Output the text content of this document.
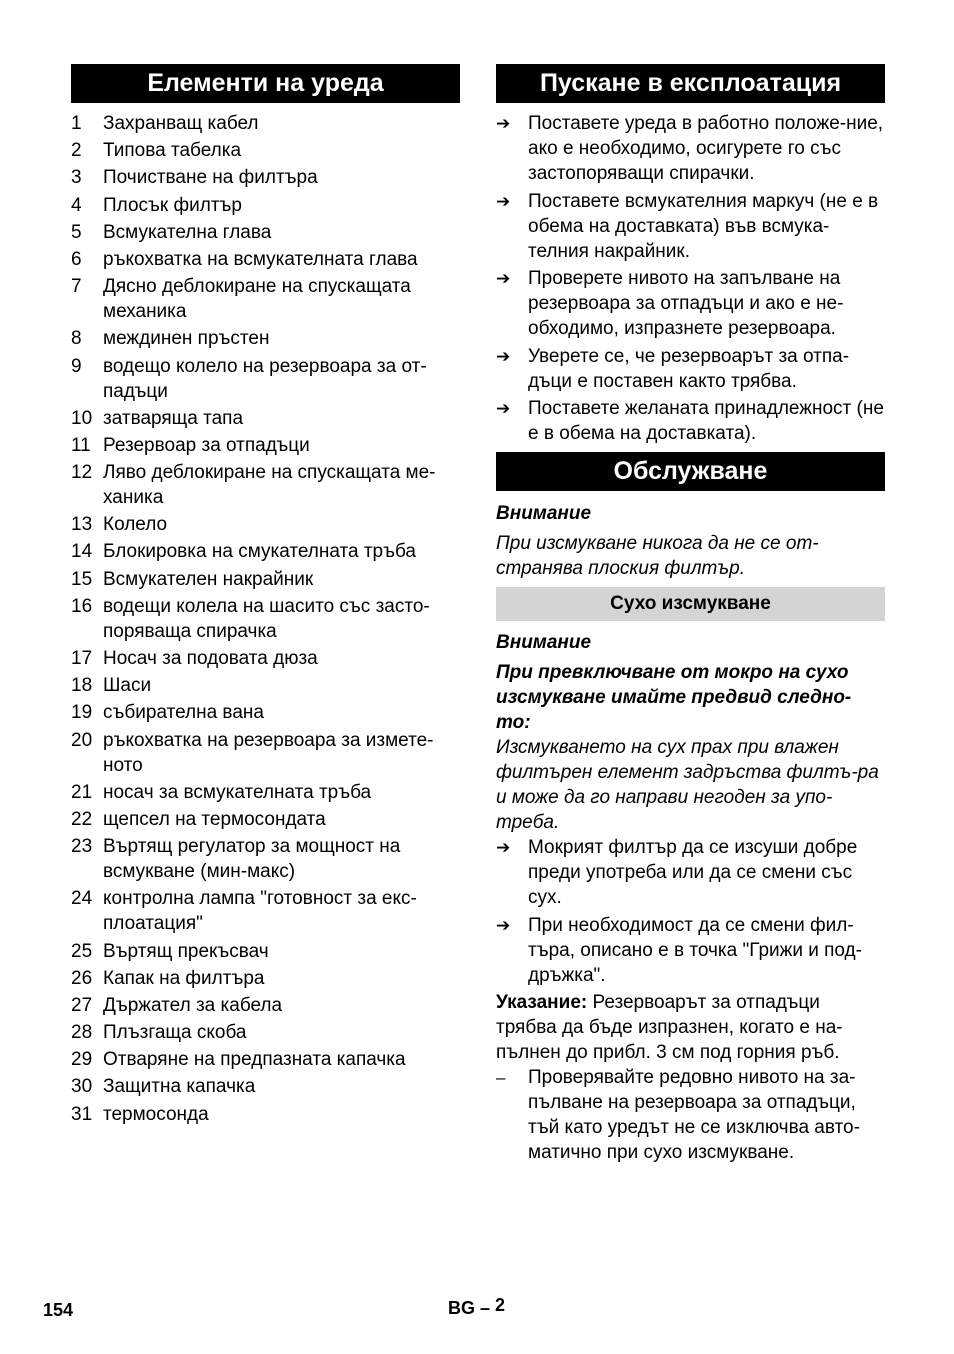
Елементи на уреда
1	Захранващ кабел
2	Типова табелка
3	Почистване на филтъра
4	Плосък филтър
5	Всмукателна глава
6	ръкохватка на всмукателната глава
7	Дясно деблокиране на спускащата механика
8	междинен пръстен
9	водещо колело на резервоара за от-падъци
10 затваряща тапа
11 Резервоар за отпадъци
12 Ляво деблокиране на спускащата ме-ханика
13 Колело
14 Блокировка на смукателната тръба
15 Всмукателен накрайник
16 водещи колела на шасито със засто-поряваща спирачка
17 Носач за подовата дюза
18 Шаси
19 събирателна вана
20 ръкохватка на резервоара за измете-ното
21 носач за всмукателната тръба
22 щепсел на термосондата
23 Въртящ регулатор за мощност на всмукване (мин-макс)
24 контролна лампа "готовност за екс-плоатация"
25 Въртящ прекъсвач
26 Капак на филтъра
27 Държател за кабела
28 Плъзгаща скоба
29 Отваряне на предпазната капачка
30 Защитна капачка
31 термосонда
Пускане в експлоатация
➔ Поставете уреда в работно положе-ние, ако е необходимо, осигурете го със застопоряващи спирачки.
➔ Поставете всмукателния маркуч (не е в обема на доставката) във всмука-телния накрайник.
➔ Проверете нивото на запълване на резервоара за отпадъци и ако е не-обходимо, изпразнете резервоара.
➔ Уверете се, че резервоарът за отпа-дъци е поставен както трябва.
➔ Поставете желаната принадлежност (не е в обема на доставката).
Обслужване

Внимание

При изсмукване никога да не се от-странява плоския филтър.

Сухо изсмукване

Внимание

При превключване от мокро на сухо изсмукване имайте предвид следно-то:

Изсмукването на сух прах при влажен филтърен елемент задръства филтъ-ра и може да го направи негоден за упо-треба.

➔ Мокрият филтър да се изсуши добре преди употреба или да се смени със сух.
➔ При необходимост да се смени фил-търа, описано е в точка "Грижи и под-дръжка".

Указание: Резервоарът за отпадъци трябва да бъде изпразнен, когато е на-пълнен до прибл. 3 см под горния ръб.

–	Проверявайте редовно нивото на за-пълване на резервоара за отпадъци, тъй като уредът не се изключва авто-матично при сухо изсмукване.
154	BG – 2
